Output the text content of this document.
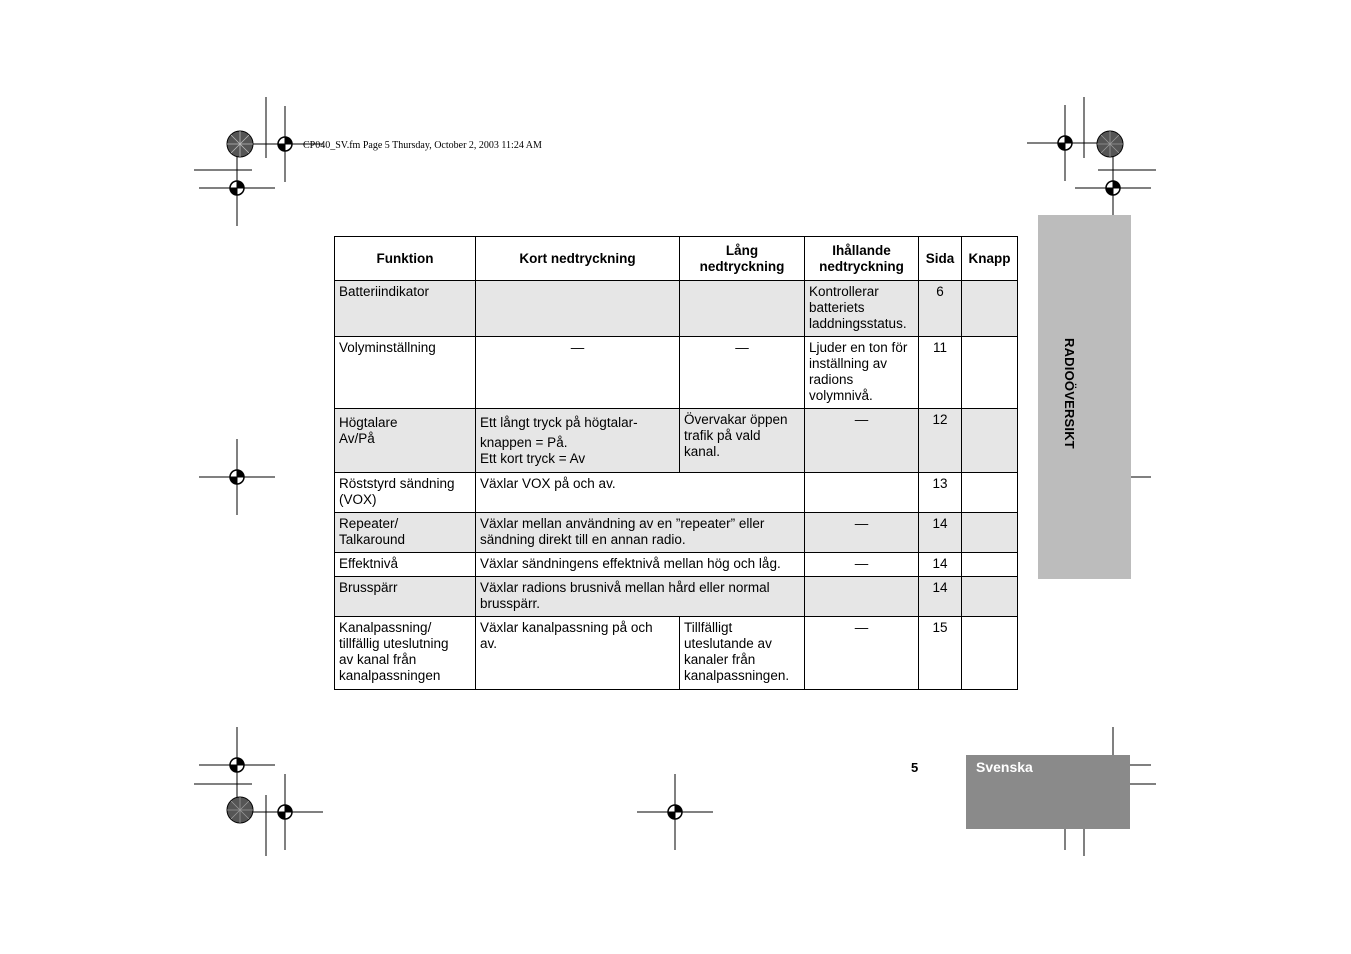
CP040_SV.fm Page 5 Thursday, October 2, 2003 11:24 AM
RADIOÖVERSIKT
Svenska
5
Funktion	Kort nedtryckning	Lång nedtryckning	Ihållande nedtryckning	Sida	Knapp

Batteriindikator			Kontrollerar
batteriets
laddningsstatus.	6	

Volyminställning	—	—	Ljuder en ton för
inställning av
radions
volymnivå.	11	

Högtalare
Av/På	Ett långt tryck på högtalar-
knappen = På.
Ett kort tryck = Av	Övervakar öppen
trafik på vald
kanal.	—	12	

Röststyrd sändning
(VOX)	Växlar VOX på och av.			13	

Repeater/
Talkaround	Växlar mellan användning av en ”repeater” eller
sändning direkt till en annan radio.		—	14	

Effektnivå	Växlar sändningens effektnivå mellan hög och låg.		—	14	

Brusspärr	Växlar radions brusnivå mellan hård eller normal
brusspärr.			14	

Kanalpassning/
tillfällig uteslutning
av kanal från
kanalpassningen	Växlar kanalpassning på och
av.	Tillfälligt
uteslutande av
kanaler från
kanalpassningen.	—	15	
